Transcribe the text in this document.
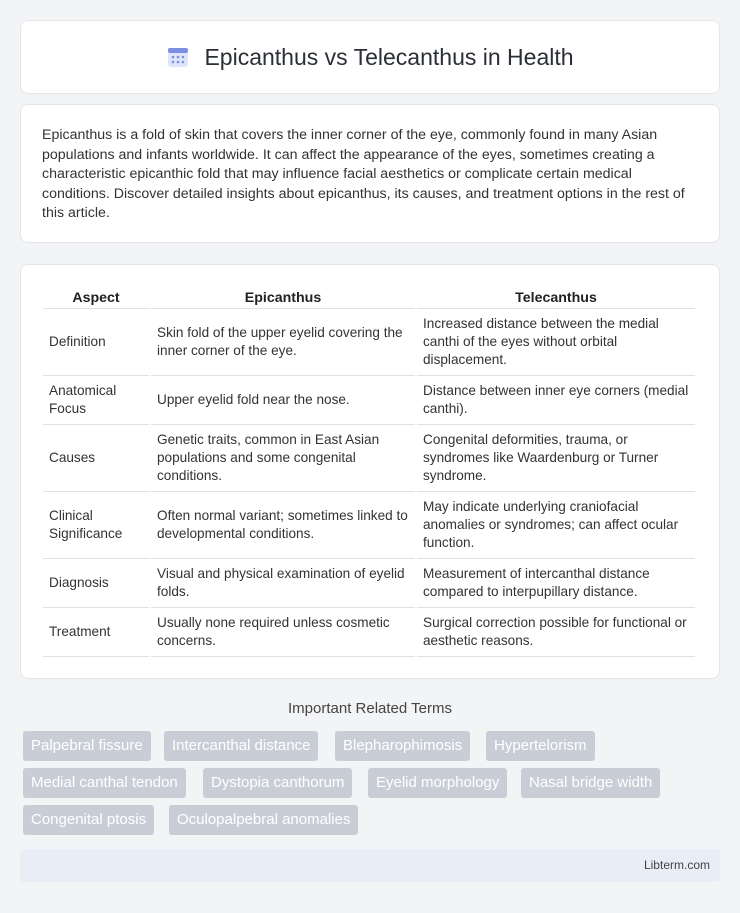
Epicanthus vs Telecanthus in Health

Epicanthus is a fold of skin that covers the inner corner of the eye, commonly found in many Asian populations and infants worldwide. It can affect the appearance of the eyes, sometimes creating a characteristic epicanthic fold that may influence facial aesthetics or complicate certain medical conditions. Discover detailed insights about epicanthus, its causes, and treatment options in the rest of this article.

Aspect	Epicanthus	Telecanthus
Definition	Skin fold of the upper eyelid covering the inner corner of the eye.	Increased distance between the medial canthi of the eyes without orbital displacement.
Anatomical Focus	Upper eyelid fold near the nose.	Distance between inner eye corners (medial canthi).
Causes	Genetic traits, common in East Asian populations and some congenital conditions.	Congenital deformities, trauma, or syndromes like Waardenburg or Turner syndrome.
Clinical Significance	Often normal variant; sometimes linked to developmental conditions.	May indicate underlying craniofacial anomalies or syndromes; can affect ocular function.
Diagnosis	Visual and physical examination of eyelid folds.	Measurement of intercanthal distance compared to interpupillary distance.
Treatment	Usually none required unless cosmetic concerns.	Surgical correction possible for functional or aesthetic reasons.
Important Related Terms
Palpebral fissure	Intercanthal distance	Blepharophimosis	Hypertelorism
Medial canthal tendon	Dystopia canthorum	Eyelid morphology	Nasal bridge width
Congenital ptosis	Oculopalpebral anomalies
Libterm.com
